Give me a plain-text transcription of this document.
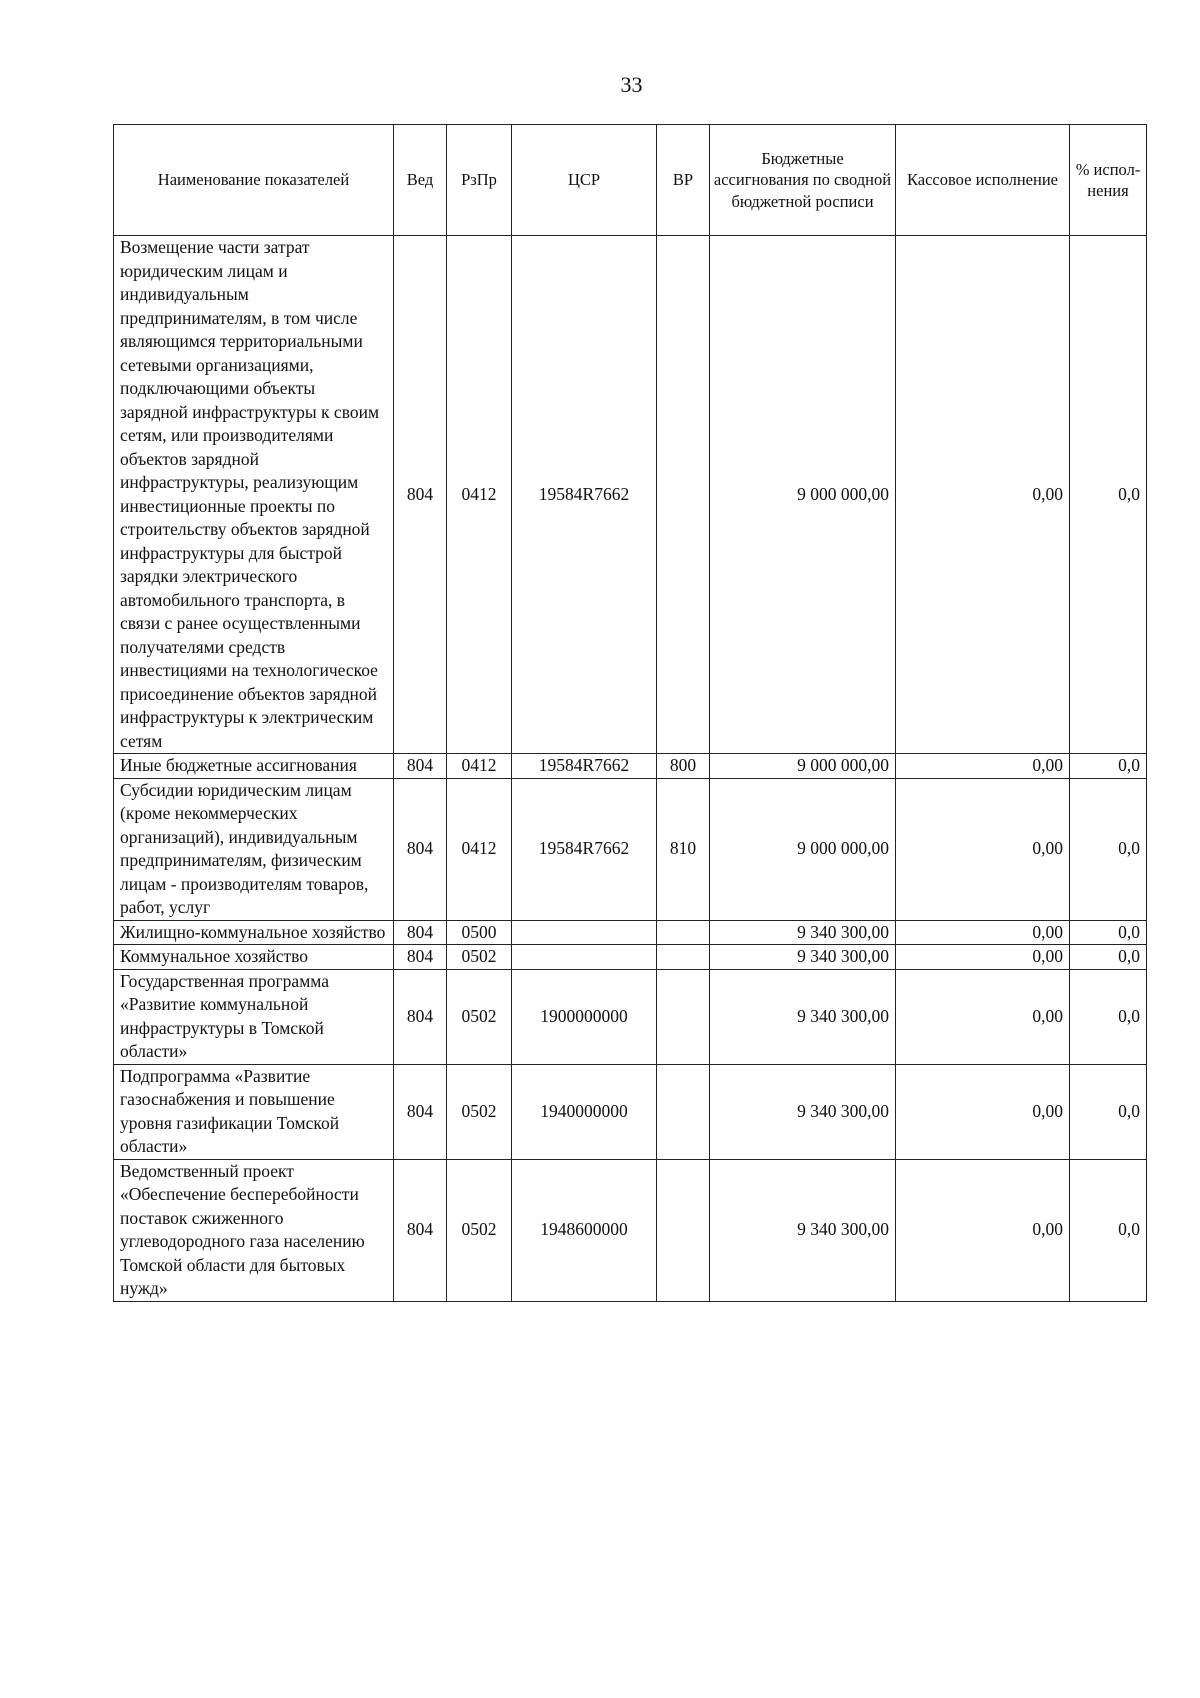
33
Наименование показателей	Вед	РзПр	ЦСР	ВР	Бюджетные ассигнования по сводной бюджетной росписи	Кассовое исполнение	% испол-нения
Возмещение части затрат юридическим лицам и индивидуальным предпринимателям, в том числе являющимся территориальными сетевыми организациями, подключающими объекты зарядной инфраструктуры к своим сетям, или производителями объектов зарядной инфраструктуры, реализующим инвестиционные проекты по строительству объектов зарядной инфраструктуры для быстрой зарядки электрического автомобильного транспорта, в связи с ранее осуществленными получателями средств инвестициями на технологическое присоединение объектов зарядной инфраструктуры к электрическим сетям	804	0412	19584R7662		9 000 000,00	0,00	0,0
Иные бюджетные ассигнования	804	0412	19584R7662	800	9 000 000,00	0,00	0,0
Субсидии юридическим лицам (кроме некоммерческих организаций), индивидуальным предпринимателям, физическим лицам - производителям товаров, работ, услуг	804	0412	19584R7662	810	9 000 000,00	0,00	0,0
Жилищно-коммунальное хозяйство	804	0500			9 340 300,00	0,00	0,0
Коммунальное хозяйство	804	0502			9 340 300,00	0,00	0,0
Государственная программа «Развитие коммунальной инфраструктуры в Томской области»	804	0502	1900000000		9 340 300,00	0,00	0,0
Подпрограмма «Развитие газоснабжения и повышение уровня газификации Томской области»	804	0502	1940000000		9 340 300,00	0,00	0,0
Ведомственный проект «Обеспечение бесперебойности поставок сжиженного углеводородного газа населению Томской области для бытовых нужд»	804	0502	1948600000		9 340 300,00	0,00	0,0
